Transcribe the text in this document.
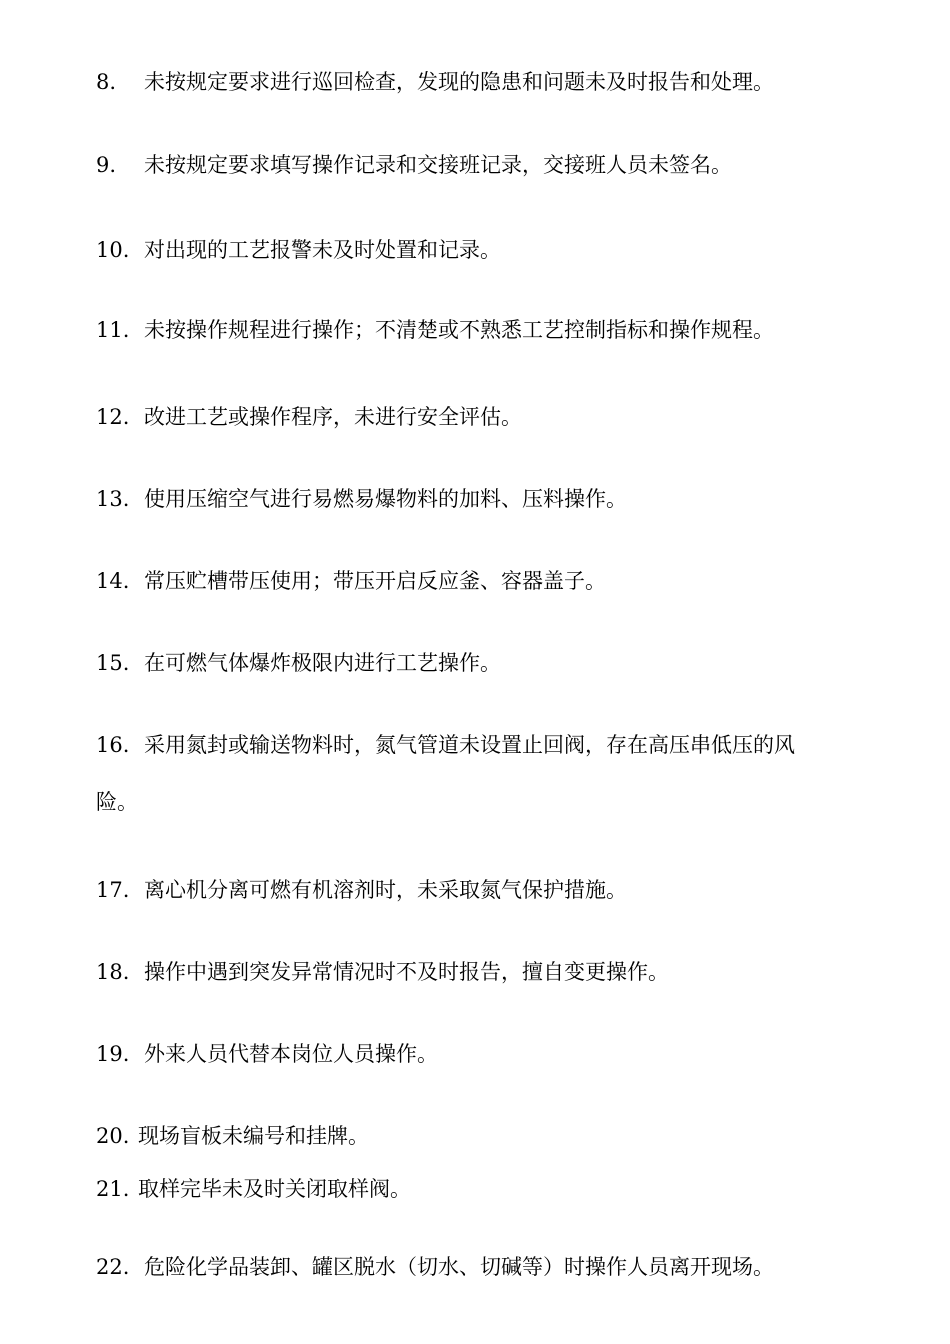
8. 未按规定要求进行巡回检查，发现的隐患和问题未及时报告和处理。
9. 未按规定要求填写操作记录和交接班记录，交接班人员未签名。
10. 对出现的工艺报警未及时处置和记录。
11. 未按操作规程进行操作；不清楚或不熟悉工艺控制指标和操作规程。
12. 改进工艺或操作程序，未进行安全评估。
13. 使用压缩空气进行易燃易爆物料的加料、压料操作。
14. 常压贮槽带压使用；带压开启反应釜、容器盖子。
15. 在可燃气体爆炸极限内进行工艺操作。
16. 采用氮封或输送物料时，氮气管道未设置止回阀，存在高压串低压的风
险。
17. 离心机分离可燃有机溶剂时，未采取氮气保护措施。
18. 操作中遇到突发异常情况时不及时报告，擅自变更操作。
19. 外来人员代替本岗位人员操作。
20. 现场盲板未编号和挂牌。
21. 取样完毕未及时关闭取样阀。
22. 危险化学品装卸、罐区脱水（切水、切碱等）时操作人员离开现场。
